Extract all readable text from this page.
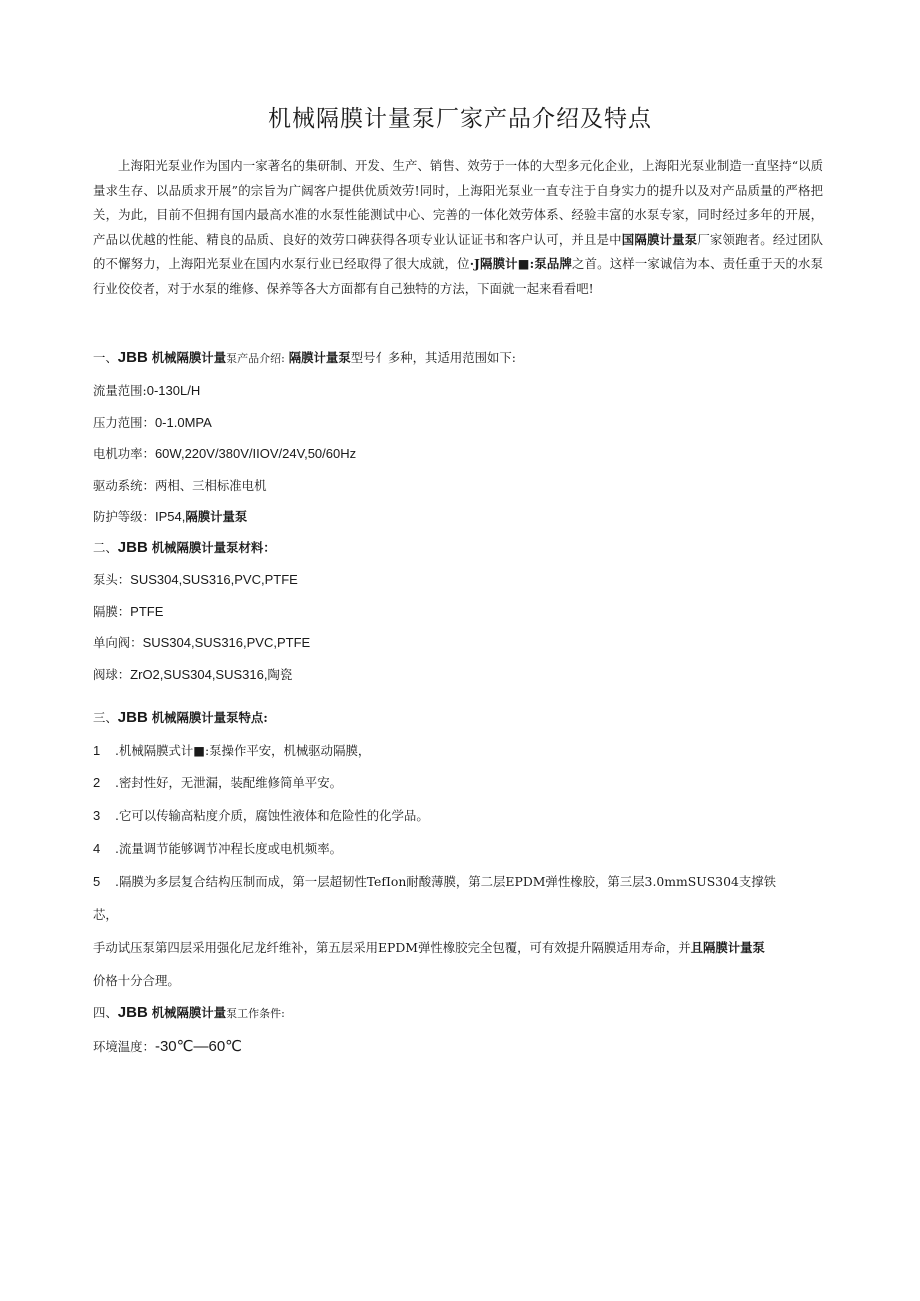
机械隔膜计量泵厂家产品介绍及特点

上海阳光泵业作为国内一家著名的集研制、开发、生产、销售、效劳于一体的大型多元化企业，上海阳光泵业制造一直坚持“以质量求生存、以品质求开展”的宗旨为广阔客户提供优质效劳!同时，上海阳光泵业一直专注于自身实力的提升以及对产品质量的严格把关，为此，目前不但拥有国内最高水准的水泵性能测试中心、完善的一体化效劳体系、经验丰富的水泵专家，同时经过多年的开展，产品以优越的性能、精良的品质、良好的效劳口碑获得各项专业认证证书和客户认可，并且是中国隔膜计量泵厂家领跑者。经过团队的不懈努力，上海阳光泵业在国内水泵行业已经取得了很大成就，位·J隔膜计■:泵品牌之首。这样一家诚信为本、责任重于天的水泵行业佼佼者，对于水泵的维修、保养等各大方面都有自己独特的方法，下面就一起来看看吧!

一、JBB 机械隔膜计量泵产品介绍: 隔膜计量泵型号亻多种，其适用范围如下:

流量范围:0-130L/H

压力范围：0-1.0MPA

电机功率：60W,220V/380V/IIOV/24V,50/60Hz

驱动系统：两相、三相标准电机

防护等级：IP54,隔膜计量泵

二、JBB 机械隔膜计量泵材料：

泵头：SUS304,SUS316,PVC,PTFE

隔膜：PTFE

单向阀：SUS304,SUS316,PVC,PTFE

阀球：ZrO2,SUS304,SUS316,陶瓷

三、JBB 机械隔膜计量泵特点:

1 .机械隔膜式计■:泵操作平安，机械驱动隔膜，

2 .密封性好，无泄漏，装配维修简单平安。

3 .它可以传输高粘度介质，腐蚀性液体和危险性的化学品。

4 .流量调节能够调节冲程长度或电机频率。

5 .隔膜为多层复合结构压制而成，第一层超韧性TefIon耐酸薄膜，第二层EPDM弹性橡胶，第三层3.0mmSUS304支撑铁

芯，

手动试压泵第四层采用强化尼龙纤维补，第五层采用EPDM弹性橡胶完全包覆，可有效提升隔膜适用寿命，并且隔膜计量泵

价格十分合理。

四、JBB 机械隔膜计量泵工作条件:

环境温度：-30℃—60℃
